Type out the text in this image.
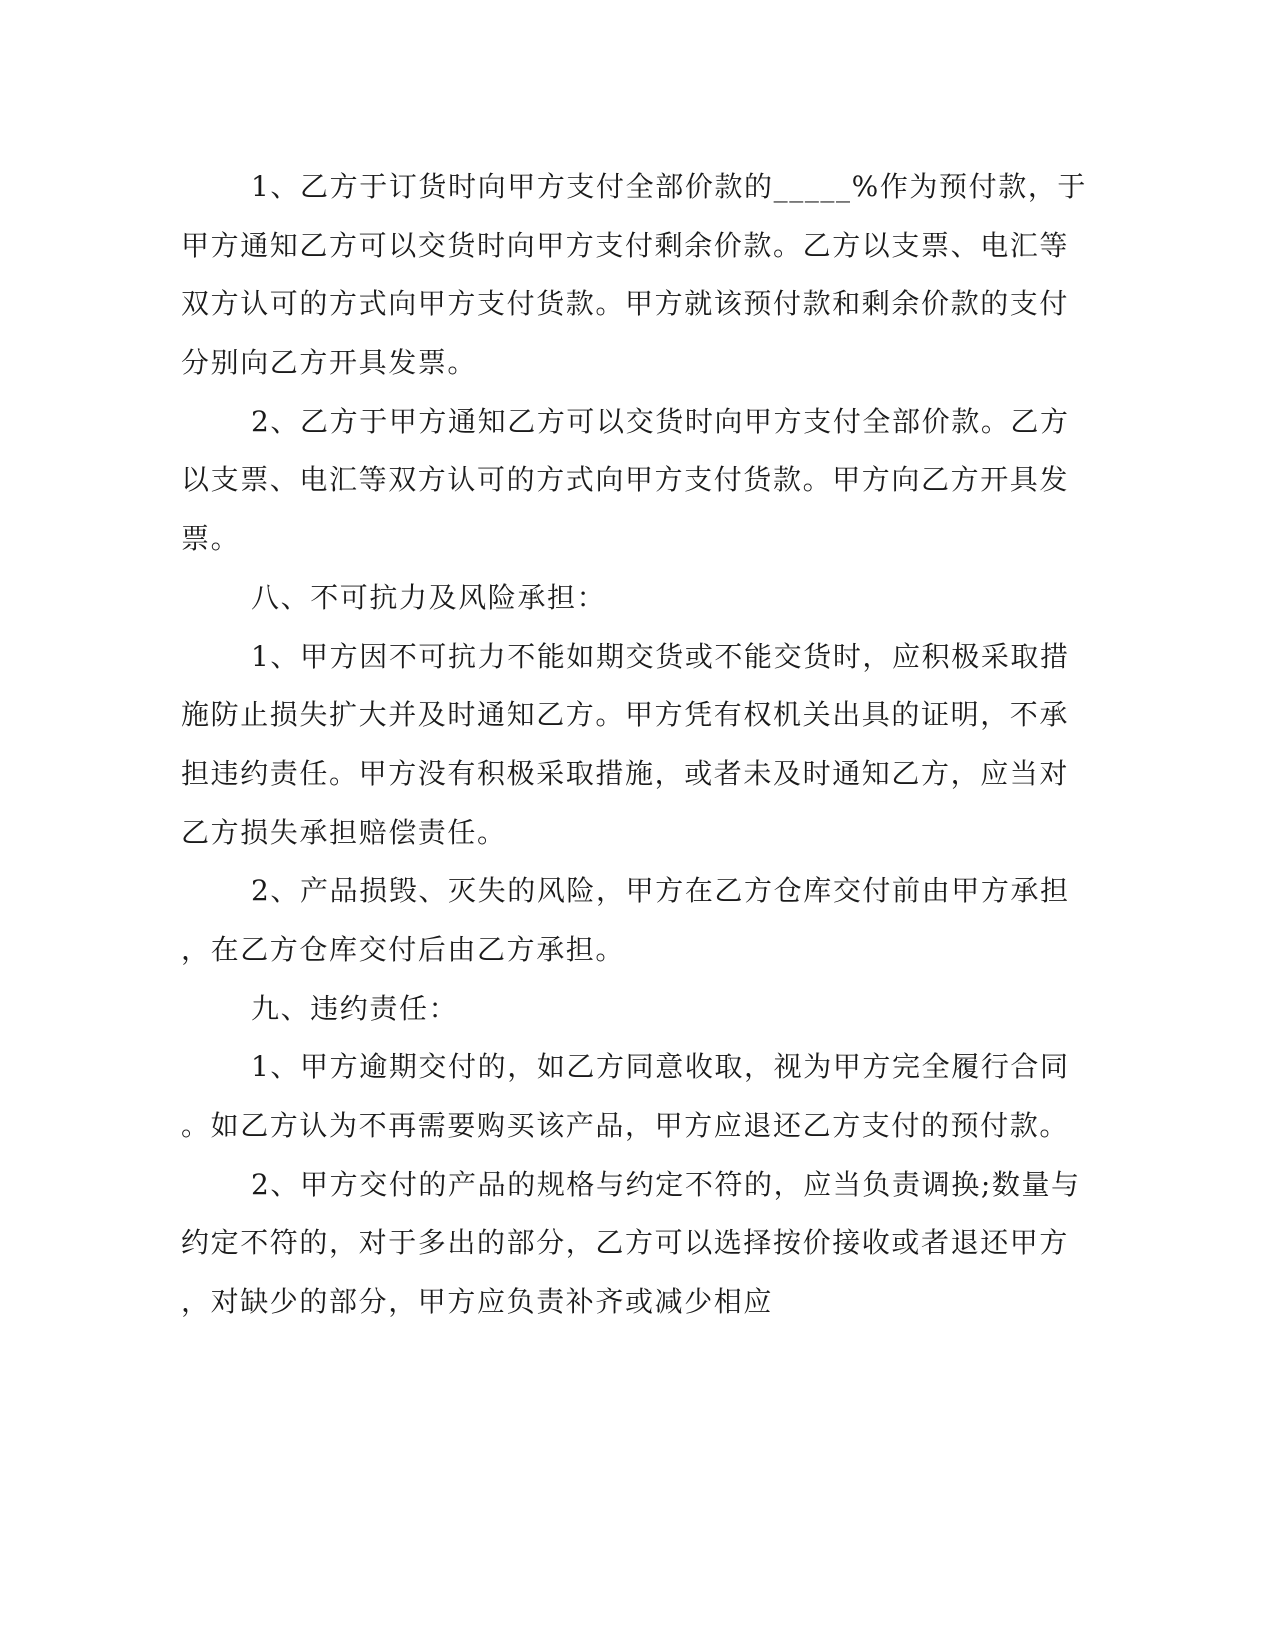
1、乙方于订货时向甲方支付全部价款的_____%作为预付款，于
甲方通知乙方可以交货时向甲方支付剩余价款。乙方以支票、电汇等
双方认可的方式向甲方支付货款。甲方就该预付款和剩余价款的支付
分别向乙方开具发票。
2、乙方于甲方通知乙方可以交货时向甲方支付全部价款。乙方
以支票、电汇等双方认可的方式向甲方支付货款。甲方向乙方开具发
票。
八、不可抗力及风险承担：
1、甲方因不可抗力不能如期交货或不能交货时，应积极采取措
施防止损失扩大并及时通知乙方。甲方凭有权机关出具的证明，不承
担违约责任。甲方没有积极采取措施，或者未及时通知乙方，应当对
乙方损失承担赔偿责任。
2、产品损毁、灭失的风险，甲方在乙方仓库交付前由甲方承担
，在乙方仓库交付后由乙方承担。
九、违约责任：
1、甲方逾期交付的，如乙方同意收取，视为甲方完全履行合同
。如乙方认为不再需要购买该产品，甲方应退还乙方支付的预付款。
2、甲方交付的产品的规格与约定不符的，应当负责调换;数量与
约定不符的，对于多出的部分，乙方可以选择按价接收或者退还甲方
，对缺少的部分，甲方应负责补齐或减少相应
